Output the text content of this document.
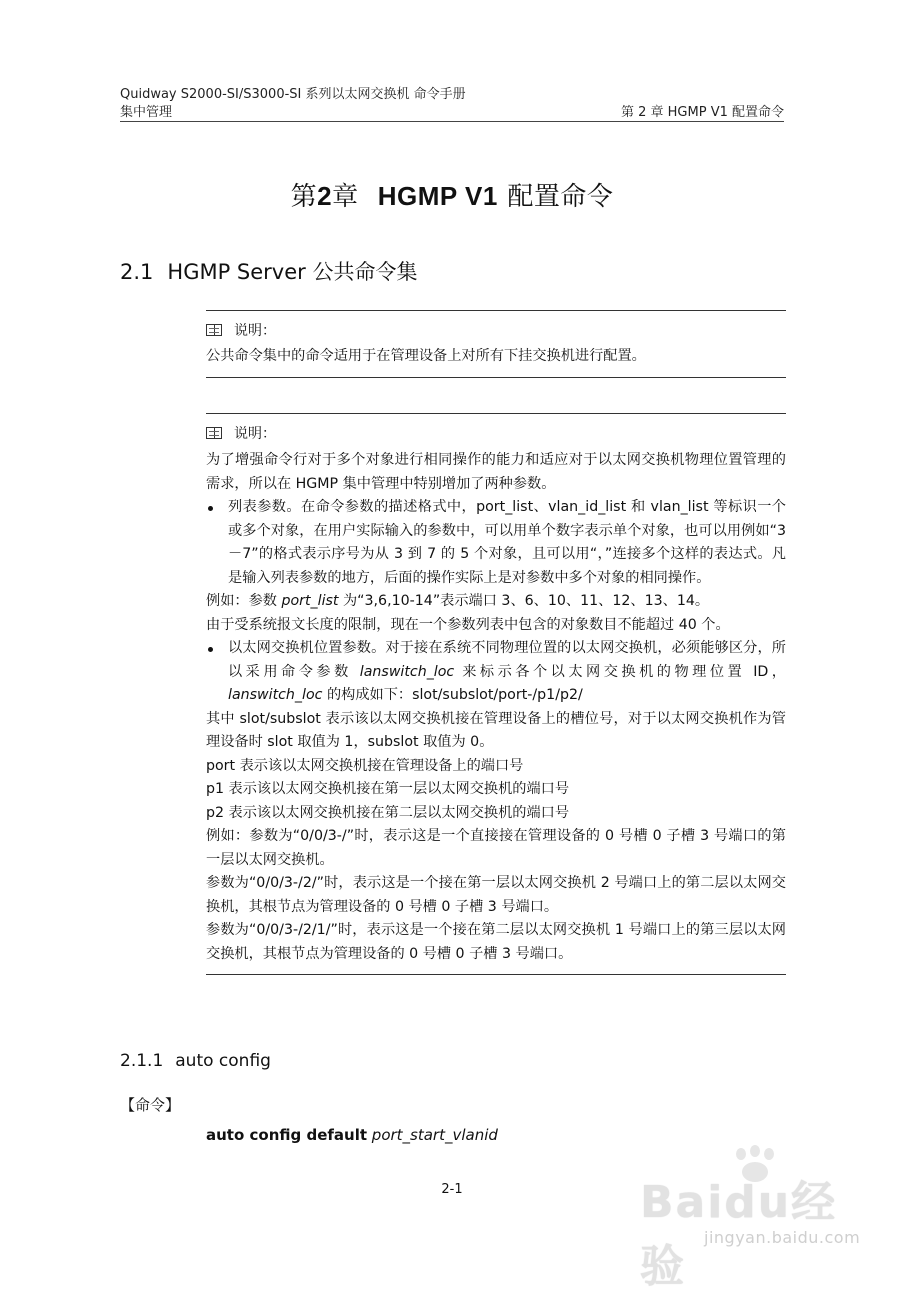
Quidway S2000-SI/S3000-SI 系列以太网交换机 命令手册
集中管理	第 2 章 HGMP V1 配置命令
第2章 HGMP V1 配置命令
2.1 HGMP Server 公共命令集
说明：

公共命令集中的命令适用于在管理设备上对所有下挂交换机进行配置。

说明：

为了增强命令行对于多个对象进行相同操作的能力和适应对于以太网交换机物理位置管理的需求，所以在 HGMP 集中管理中特别增加了两种参数。

列表参数。在命令参数的描述格式中，port_list、vlan_id_list 和 vlan_list 等标识一个或多个对象，在用户实际输入的参数中，可以用单个数字表示单个对象，也可以用例如“3－7”的格式表示序号为从 3 到 7 的 5 个对象，且可以用“，”连接多个这样的表达式。凡是输入列表参数的地方，后面的操作实际上是对参数中多个对象的相同操作。

例如：参数 port_list 为“3,6,10-14”表示端口 3、6、10、11、12、13、14。

由于受系统报文长度的限制，现在一个参数列表中包含的对象数目不能超过 40 个。

以太网交换机位置参数。对于接在系统不同物理位置的以太网交换机，必须能够区分，所以采用命令参数 lanswitch_loc 来标示各个以太网交换机的物理位置 ID，lanswitch_loc 的构成如下：slot/subslot/port-/p1/p2/

其中 slot/subslot 表示该以太网交换机接在管理设备上的槽位号，对于以太网交换机作为管理设备时 slot 取值为 1，subslot 取值为 0。

port 表示该以太网交换机接在管理设备上的端口号

p1 表示该以太网交换机接在第一层以太网交换机的端口号

p2 表示该以太网交换机接在第二层以太网交换机的端口号

例如：参数为“0/0/3-/”时，表示这是一个直接接在管理设备的 0 号槽 0 子槽 3 号端口的第一层以太网交换机。

参数为“0/0/3-/2/”时，表示这是一个接在第一层以太网交换机 2 号端口上的第二层以太网交换机，其根节点为管理设备的 0 号槽 0 子槽 3 号端口。

参数为“0/0/3-/2/1/”时，表示这是一个接在第二层以太网交换机 1 号端口上的第三层以太网交换机，其根节点为管理设备的 0 号槽 0 子槽 3 号端口。

2.1.1 auto config
【命令】
auto config default port_start_vlanid
2-1	Baidu经验
jingyan.baidu.com
